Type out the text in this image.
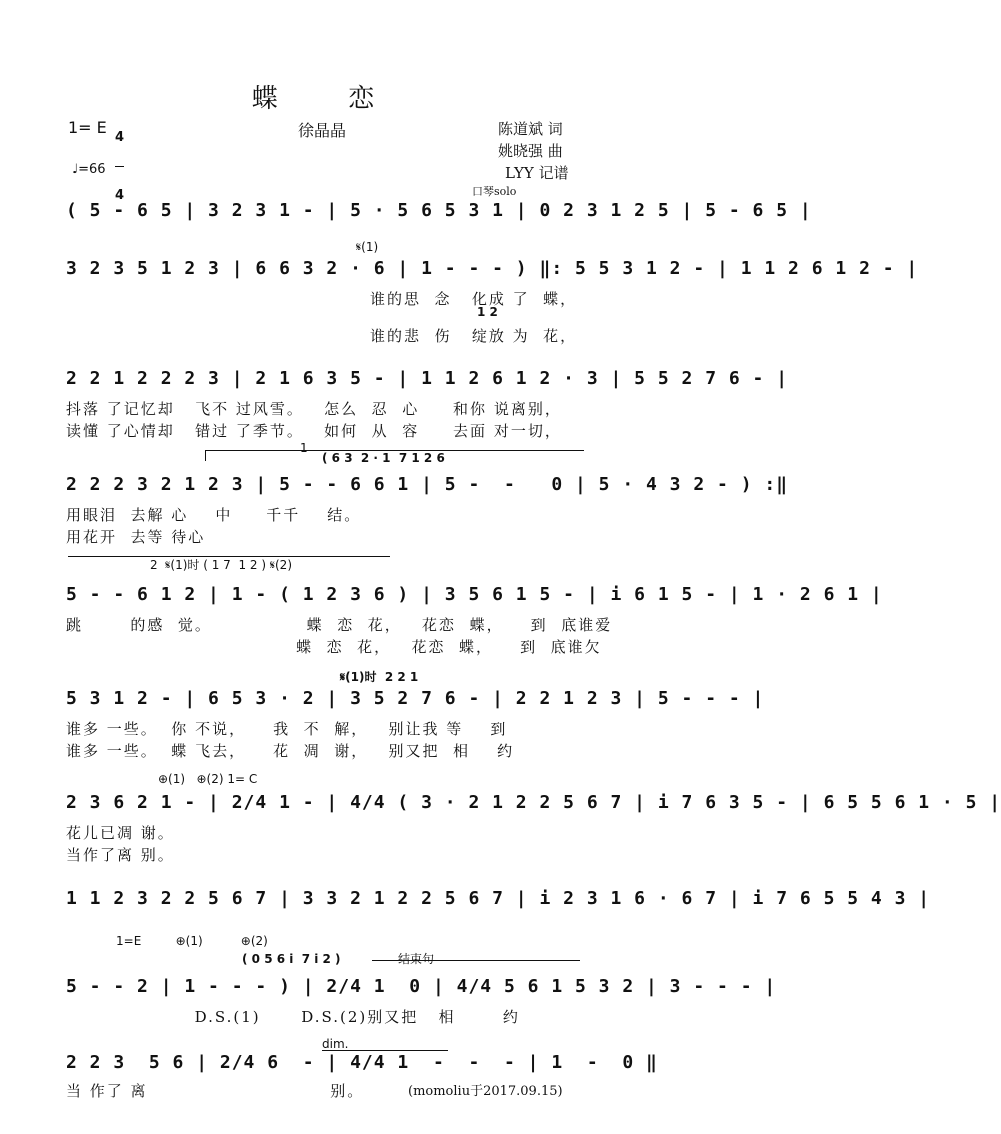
蝶  恋
1= E

4

4

徐晶晶	陈道斌 词
姚晓强 曲
LYY 记谱
♩=66
口琴solo
( 5 - 6 5 | 3 2 3 1 - | 5 · 5 6 5 3 1 | 0 2 3 1 2 5 | 5 - 6 5 |
𝄋(1)
3 2 3 5 1 2 3 | 6 6 3 2 · 6 | 1 - - - ) ‖: 5 5 3 1 2 - | 1 1 2 6 1 2 - |
谁的思  念   化成 了  蝶，
1 2
谁的悲  伤   绽放 为  花，
2 2 1 2 2 2 3 | 2 1 6 3 5 - | 1 1 2 6 1 2 · 3 | 5 5 2 7 6 - |
抖落 了记忆却   飞不 过风雪。   怎么  忍  心     和你 说离别，
读懂 了心情却   错过 了季节。   如何  从  容     去面 对一切，
1
( 6 3  2 · 1  7 1 2 6
2 2 2 3 2 1 2 3 | 5 - - 6 6 1 | 5 -  -   0 | 5 · 4 3 2 - ) :‖
用眼泪  去解 心    中     千千    结。
用花开  去等 待心
2  𝄋(1)时 ( 1 7  1 2 ) 𝄋(2)
5 - - 6 1 2 | 1 - ( 1 2 3 6 ) | 3 5 6 1 5 - | i 6 1 5 - | 1 · 2 6 1 |
跳       的感  觉。              蝶  恋  花，   花恋  蝶，    到  底谁爱
蝶  恋  花，   花恋  蝶，    到  底谁欠
𝄋(1)时  2 2 1
5 3 1 2 - | 6 5 3 · 2 | 3 5 2 7 6 - | 2 2 1 2 3 | 5 - - - |
谁多 一些。  你 不说，    我  不  解，   别让我 等    到
谁多 一些。  蝶 飞去，    花  凋  谢，   别又把  相    约
⊕(1)   ⊕(2) 1= C
2 3 6 2 1 - | 2/4 1 - | 4/4 ( 3 · 2 1 2 2 5 6 7 | i 7 6 3 5 - | 6 5 5 6 1 · 5 |
花儿已凋 谢。
当作了离 别。
1 1 2 3 2 2 5 6 7 | 3 3 2 1 2 2 5 6 7 | i 2 3 1 6 · 6 7 | i 7 6 5 5 4 3 |
1=E         ⊕(1)          ⊕(2)
( 0 5 6 i  7 i 2 )	结束句
5 - - 2 | 1 - - - ) | 2/4 1  0 | 4/4 5 6 1 5 3 2 | 3 - - - |
D.S.(1)      D.S.(2)别又把   相       约
dim.
2 2 3  5 6 | 2/4 6  - | 4/4 1  -  -  - | 1  -  0 ‖
当 作了 离                           别。	(momoliu于2017.09.15)
